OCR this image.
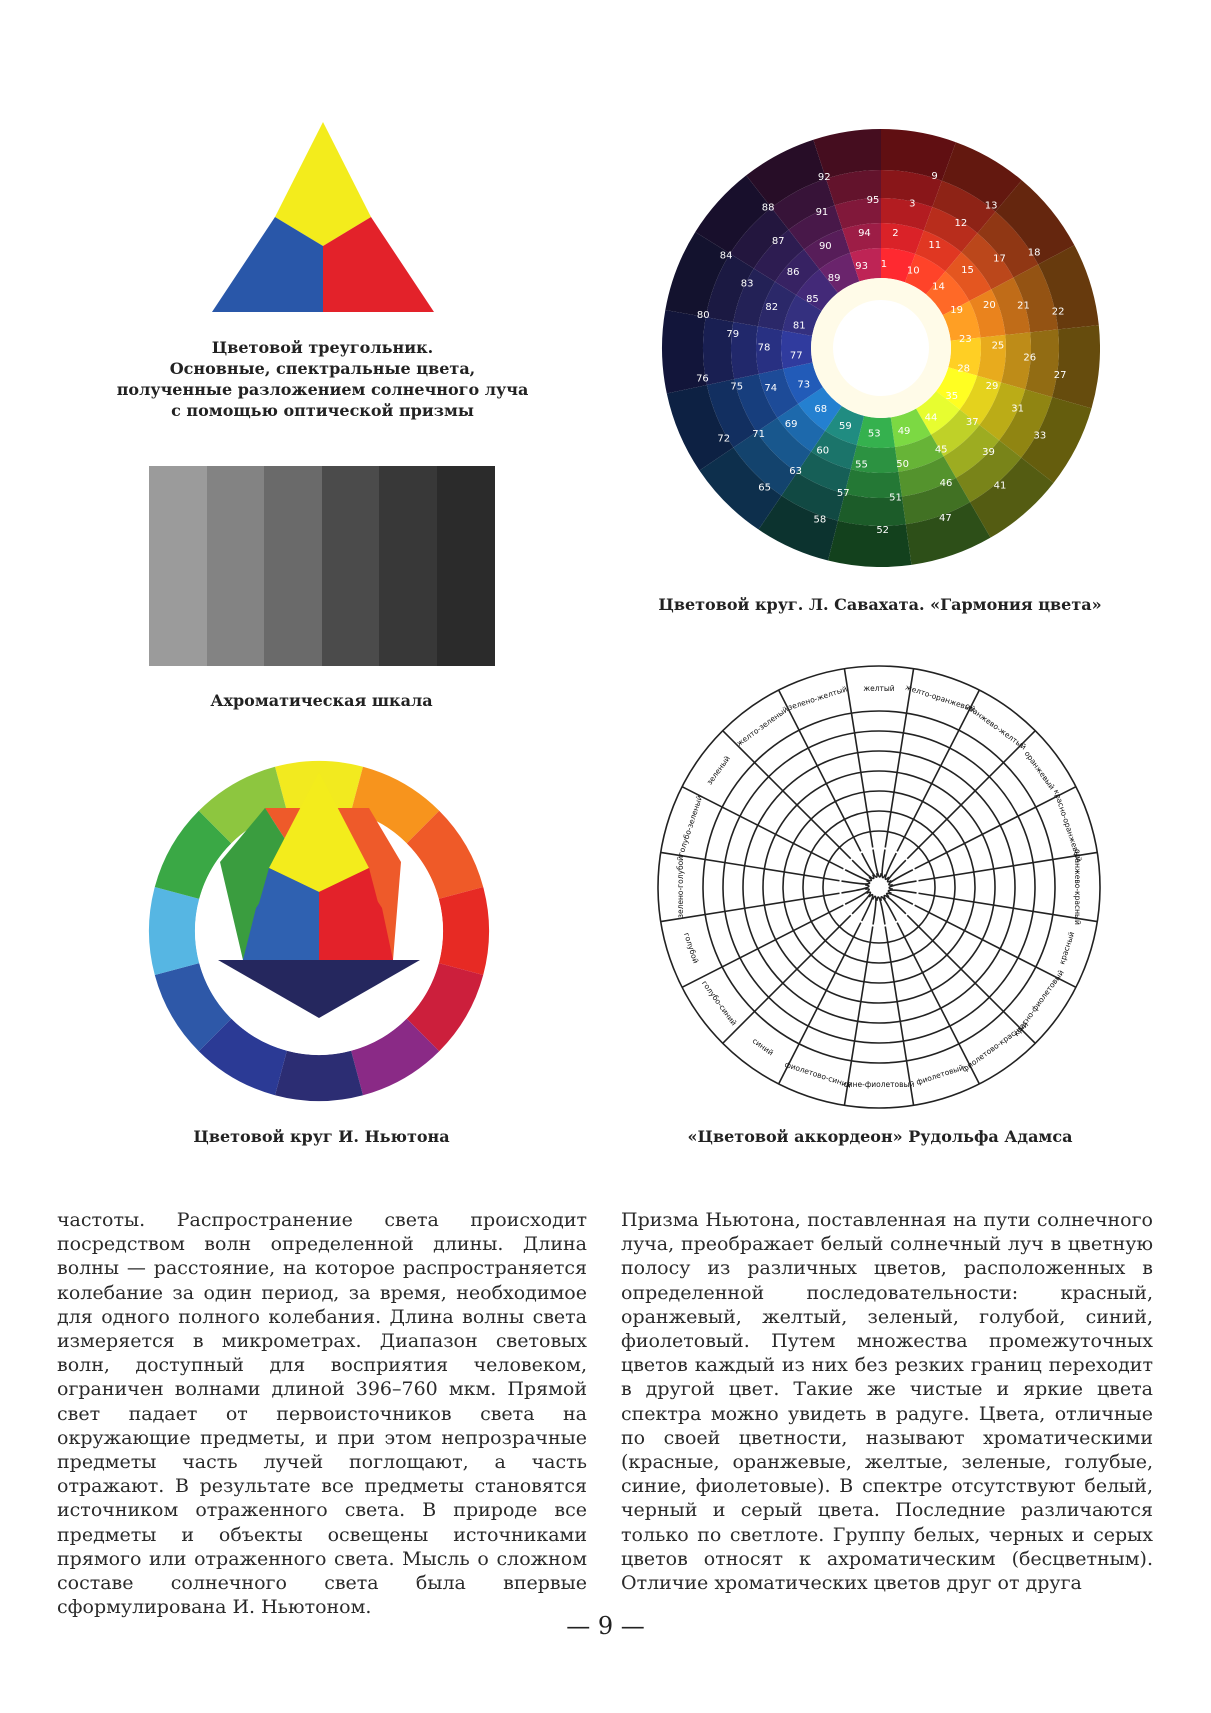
Цветовой треугольник.
Основные, спектральные цвета,
полученные разложением солнечного луча
с помощью оптической призмы
Ахроматическая шкала
1
2
3
9
10
11
12
13
14
15
17
18
19 20 21
22
23
25
26
27
28
29
31
33
35
37
39
41
44
45
46
47
49
50
51
52
53
55
57
58
59
60
63
65
68
69
71
72
73
74
75
76
77
78
79
80
81
82
83
84
85
86
87
88
89
90
91
92
93
94
95
Цветовой круг. Л. Савахата. «Гармония цвета»
Цветовой круг И. Ньютона
желтый желто-оранжевый
оранжево-желтый
оранжевый
красно-оранжевый
оранжево-красный
красный
красно-фиолетовый
фиолетово-красный
фиолетовый
сине-фиолетовый
фиолетово-синий
синий
голубо-синий
голубой
зелено-голубой
голубо-зеленый
зеленый
желто-зеленый
зелено-желтый
«Цветовой аккордеон» Рудольфа Адамса
частоты. Распространение света происходит посредством волн определенной длины. Длина волны — расстояние, на которое распространяется колебание за один период, за время, необходимое для одного полного колебания. Длина волны света измеряется в микрометрах. Диапазон световых волн, доступный для восприятия человеком, ограничен волнами длиной 396–760 мкм. Прямой свет падает от первоисточников света на окружающие предметы, и при этом непрозрачные предметы часть лучей поглощают, а часть отражают. В результате все предметы становятся источником отраженного света. В природе все предметы и объекты освещены источниками прямого или отраженного света. Мысль о сложном составе солнечного света была впервые сформулирована И. Ньютоном.
Призма Ньютона, поставленная на пути солнечного луча, преображает белый солнечный луч в цветную полосу из различных цветов, расположенных в определенной последовательности: красный, оранжевый, желтый, зеленый, голубой, синий, фиолетовый. Путем множества промежуточных цветов каждый из них без резких границ переходит в другой цвет. Такие же чистые и яркие цвета спектра можно увидеть в радуге. Цвета, отличные по своей цветности, называют хроматическими (красные, оранжевые, желтые, зеленые, голубые, синие, фиолетовые). В спектре отсутствуют белый, черный и серый цвета. Последние различаются только по светлоте. Группу белых, черных и серых цветов относят к ахроматическим (бесцветным). Отличие хроматических цветов друг от друга
— 9 —
